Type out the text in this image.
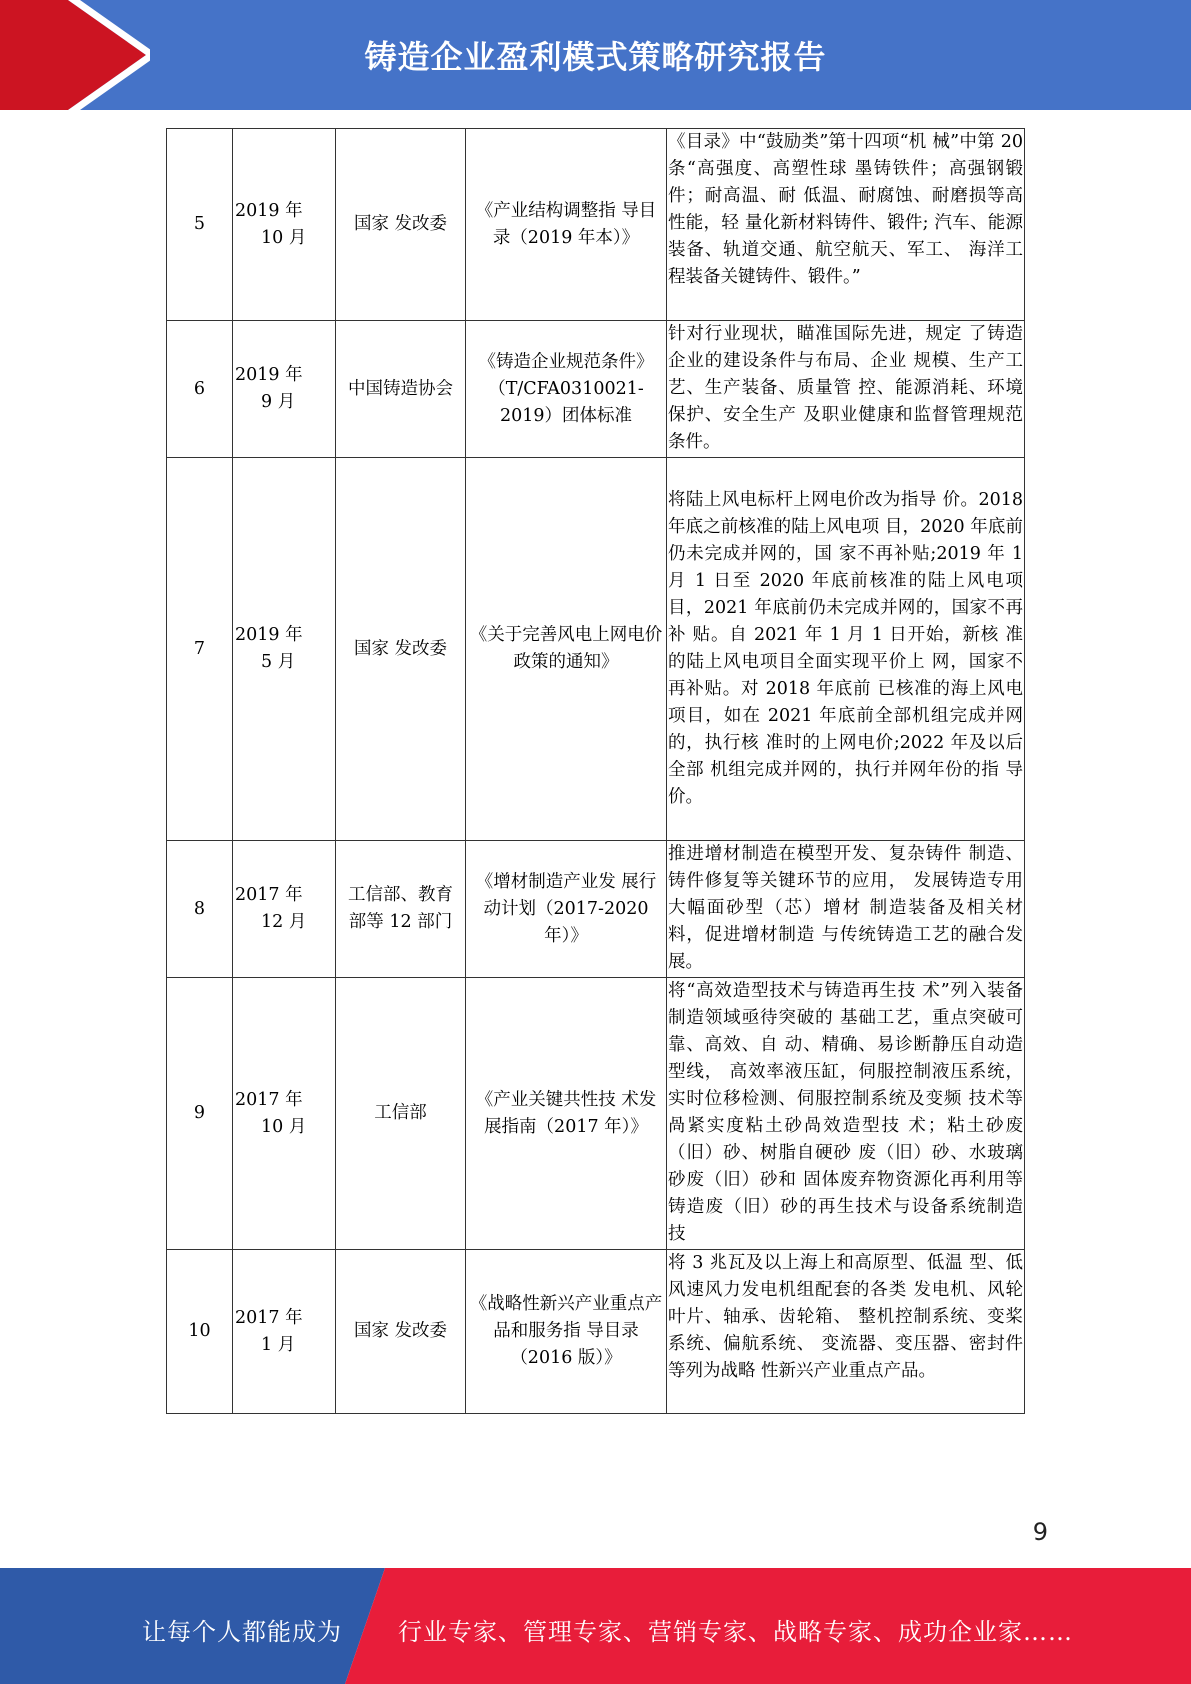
铸造企业盈利模式策略研究报告
5	2019 年
10 月	国家 发改委	《产业结构调整指 导目录（2019 年本）》	《目录》中“鼓励类”第十四项“机 械”中第 20 条“高强度、高塑性球 墨铸铁件；高强钢锻件；耐高温、耐 低温、耐腐蚀、耐磨损等高性能，轻 量化新材料铸件、锻件; 汽车、能源 装备、轨道交通、航空航天、军工、 海洋工程装备关键铸件、锻件。”
6	2019 年
9 月	中国铸造协会	《铸造企业规范条件》（T/CFA0310021-2019）团体标准	针对行业现状，瞄准国际先进，规定 了铸造企业的建设条件与布局、企业 规模、生产工艺、生产装备、质量管 控、能源消耗、环境保护、安全生产 及职业健康和监督管理规范条件。
7	2019 年
5 月	国家 发改委	《关于完善风电上网电价政策的通知》	将陆上风电标杆上网电价改为指导 价。2018 年底之前核准的陆上风电项 目，2020 年底前仍未完成并网的，国 家不再补贴;2019 年 1 月 1 日至 2020 年底前核准的陆上风电项目，2021 年底前仍未完成并网的，国家不再补 贴。自 2021 年 1 月 1 日开始，新核 准的陆上风电项目全面实现平价上 网，国家不再补贴。对 2018 年底前 已核准的海上风电项目，如在 2021 年底前全部机组完成并网的，执行核 准时的上网电价;2022 年及以后全部 机组完成并网的，执行并网年份的指 导价。
8	2017 年
12 月	工信部、教育部等 12 部门	《增材制造产业发 展行动计划（2017-2020 年）》	推进增材制造在模型开发、复杂铸件 制造、铸件修复等关键环节的应用， 发展铸造专用大幅面砂型（芯）增材 制造装备及相关材料，促进增材制造 与传统铸造工艺的融合发展。
9	2017 年
10 月	工信部	《产业关键共性技 术发展指南（2017 年）》	将“高效造型技术与铸造再生技 术”列入装备制造领域亟待突破的 基础工艺，重点突破可靠、高效、自 动、精确、易诊断静压自动造型线， 高效率液压缸，伺服控制液压系统，实时位移检测、伺服控制系统及变频 技术等咼紧实度粘土砂咼效造型技 术；粘土砂废（旧）砂、树脂自硬砂 废（旧）砂、水玻璃砂废（旧）砂和 固体废弃物资源化再利用等铸造废（旧）砂的再生技术与设备系统制造 技
10	2017 年
1 月	国家 发改委	《战略性新兴产业重点产品和服务指 导目录（2016 版）》	将 3 兆瓦及以上海上和高原型、低温 型、低风速风力发电机组配套的各类 发电机、风轮叶片、轴承、齿轮箱、 整机控制系统、变桨系统、偏航系统、 变流器、变压器、密封件等列为战略 性新兴产业重点产品。
9
让每个人都能成为 行业专家、管理专家、营销专家、战略专家、成功企业家……
